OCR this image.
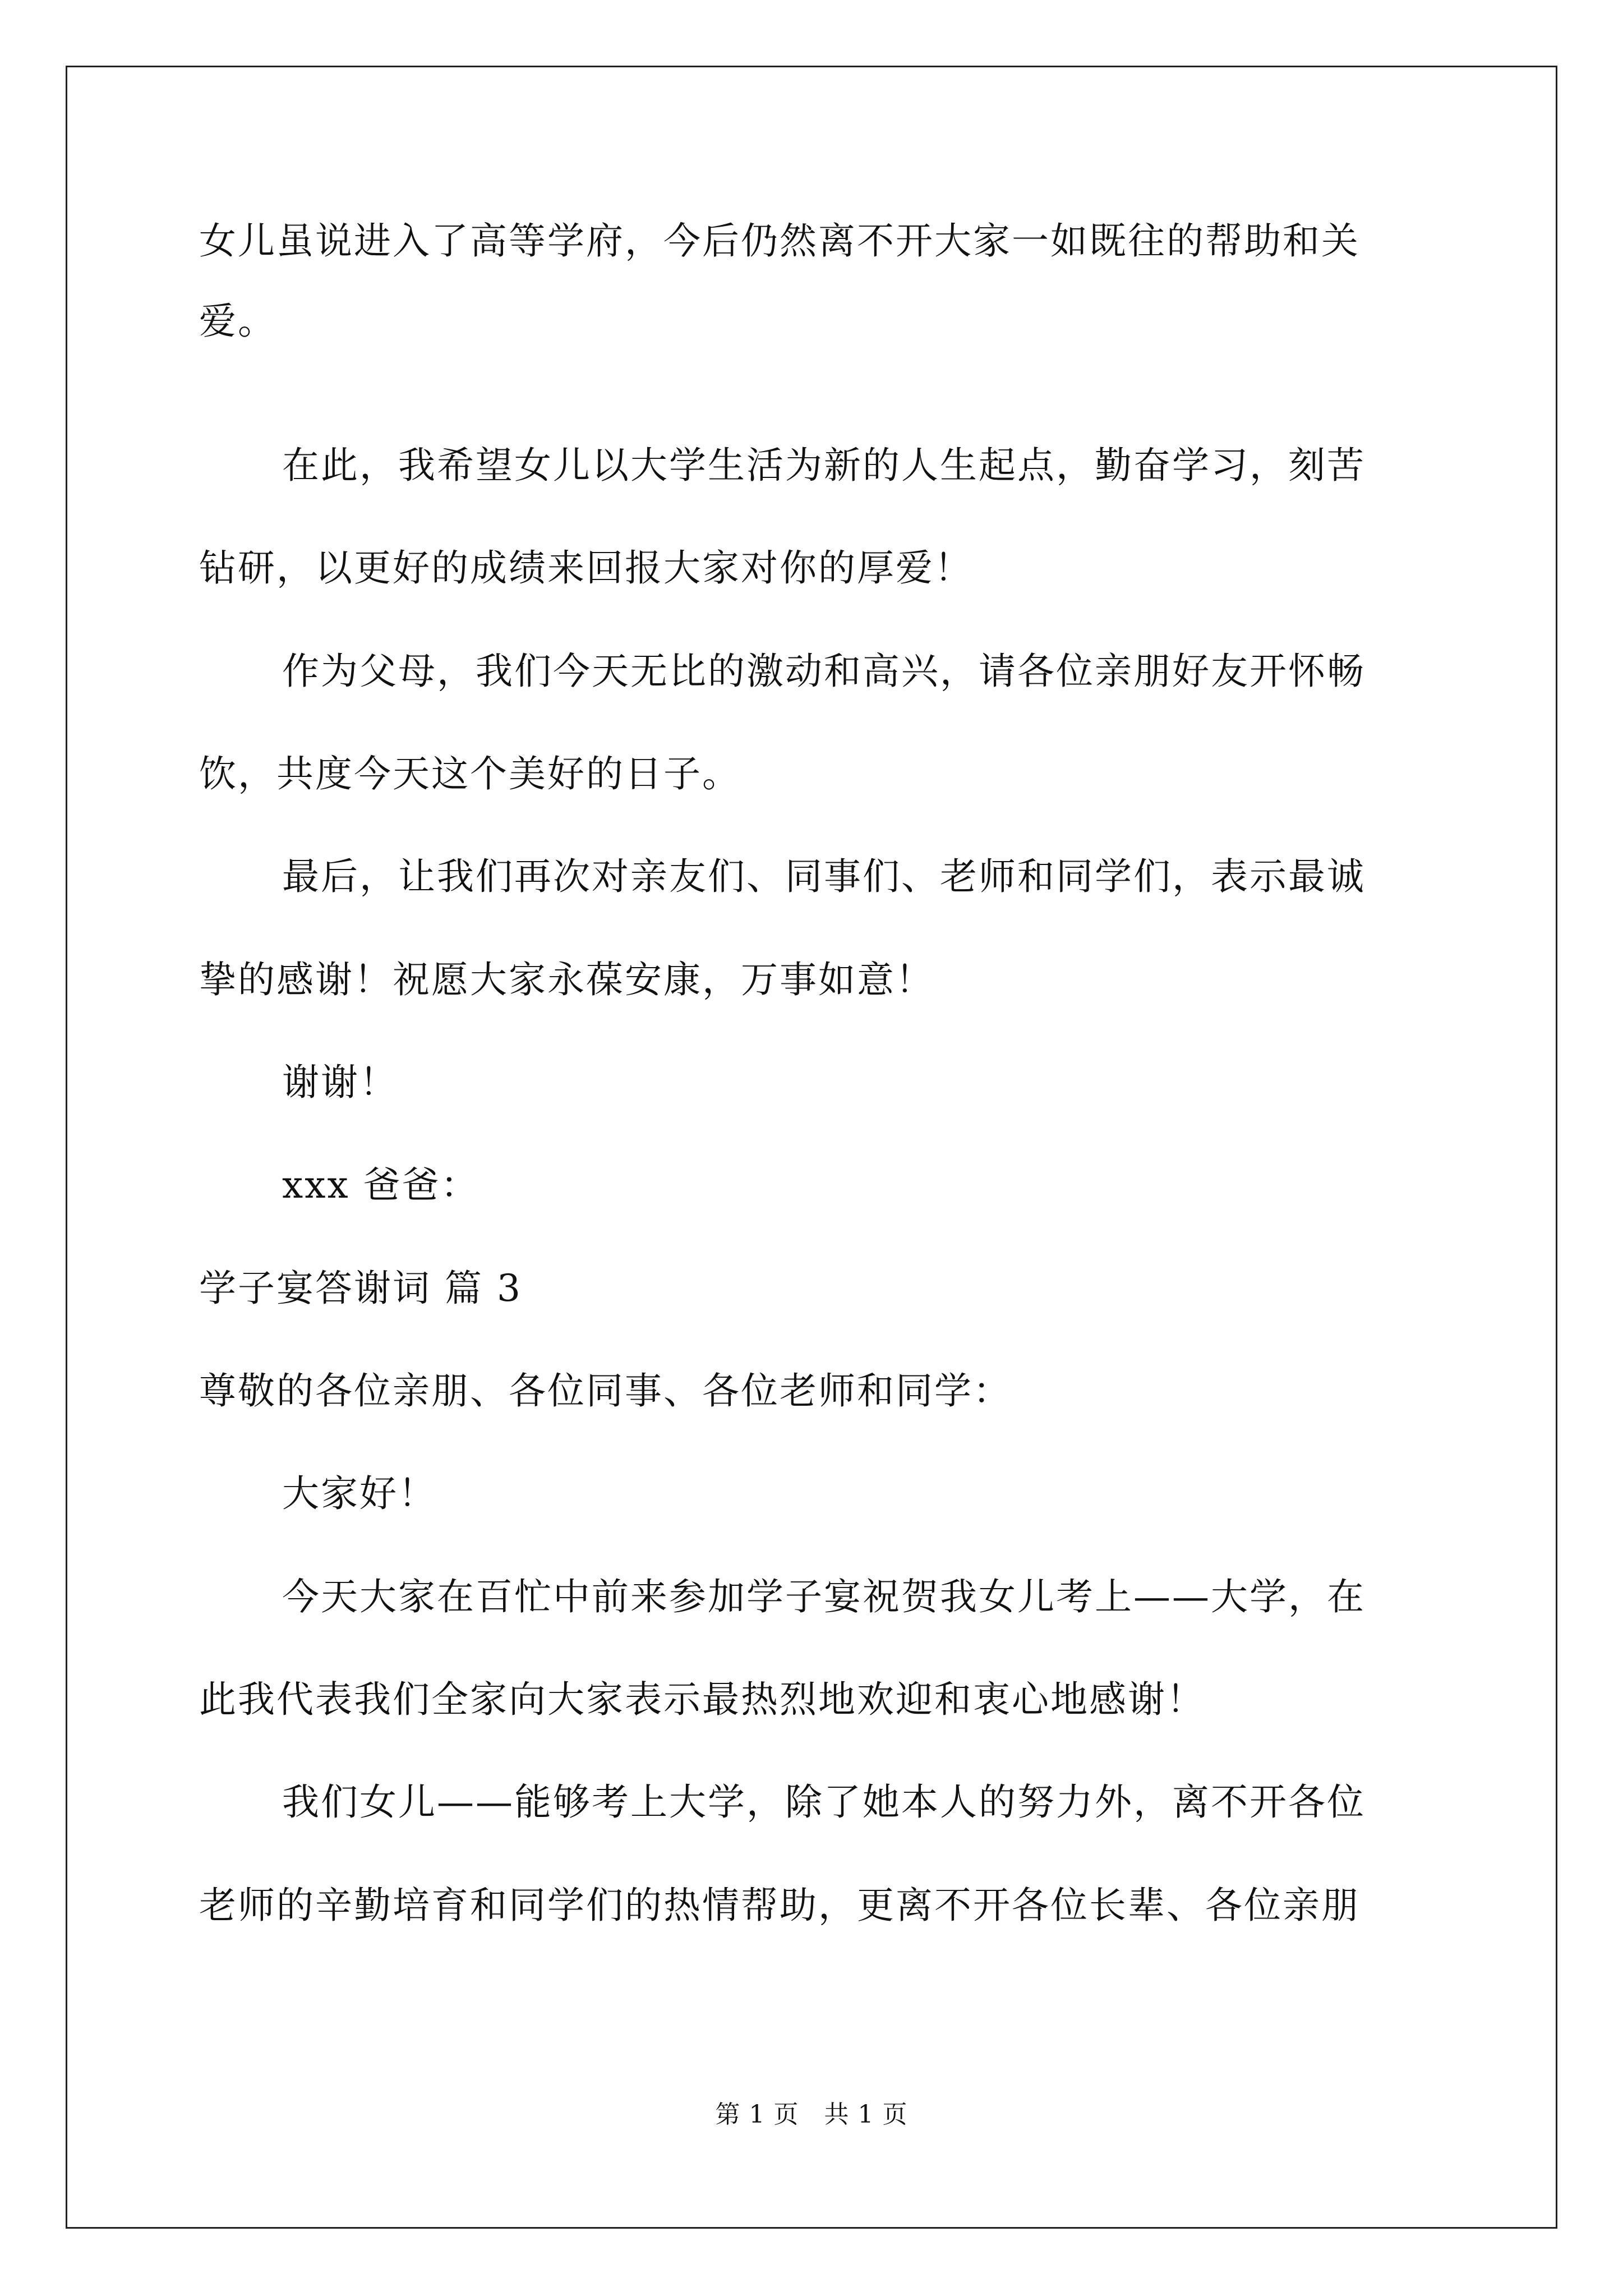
女儿虽说进入了高等学府，今后仍然离不开大家一如既往的帮助和关
爱。
在此，我希望女儿以大学生活为新的人生起点，勤奋学习，刻苦
钻研，以更好的成绩来回报大家对你的厚爱！
作为父母，我们今天无比的激动和高兴，请各位亲朋好友开怀畅
饮，共度今天这个美好的日子。
最后，让我们再次对亲友们、同事们、老师和同学们，表示最诚
挚的感谢！祝愿大家永葆安康，万事如意！
谢谢！
xxx 爸爸：
学子宴答谢词 篇 3
尊敬的各位亲朋、各位同事、各位老师和同学：
大家好！
今天大家在百忙中前来参加学子宴祝贺我女儿考上——大学，在
此我代表我们全家向大家表示最热烈地欢迎和衷心地感谢！
我们女儿——能够考上大学，除了她本人的努力外，离不开各位
老师的辛勤培育和同学们的热情帮助，更离不开各位长辈、各位亲朋
第 1 页　共 1 页
